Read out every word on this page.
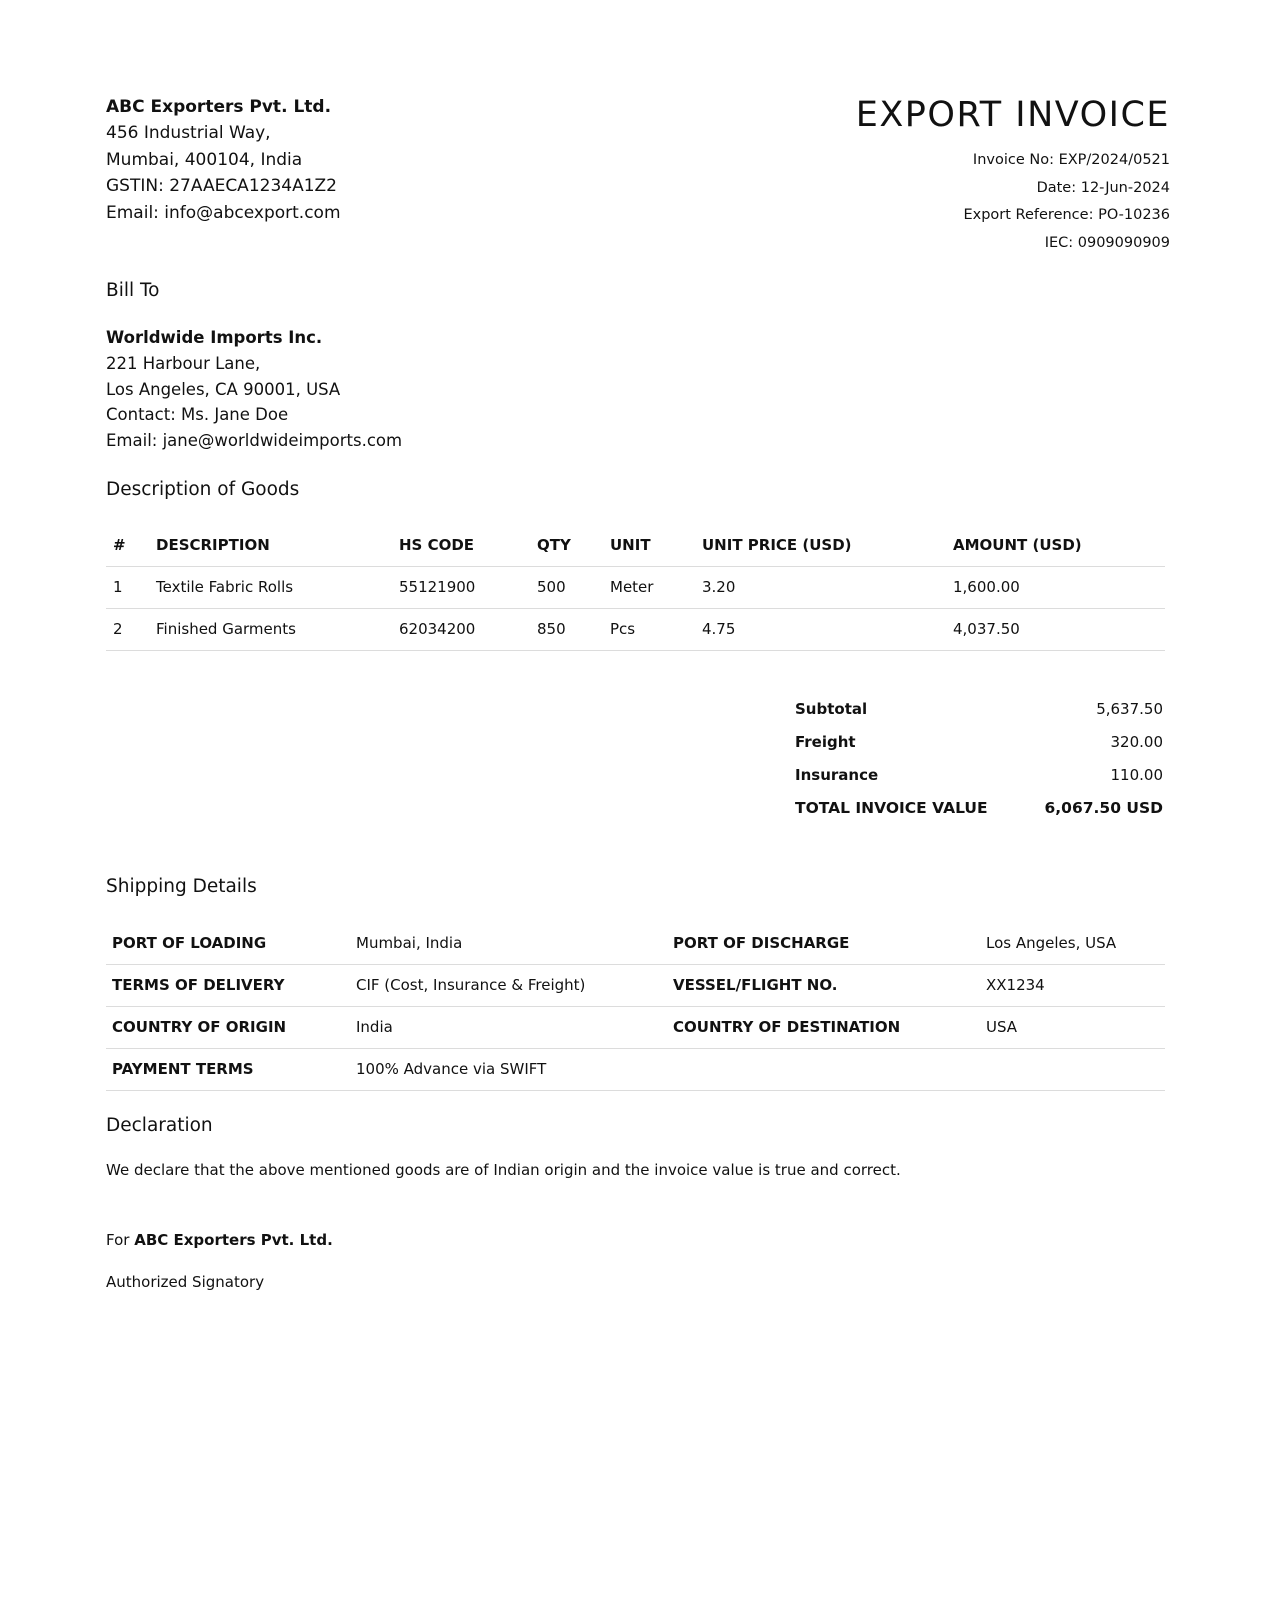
ABC Exporters Pvt. Ltd.
456 Industrial Way,
Mumbai, 400104, India
GSTIN: 27AAECA1234A1Z2
Email: info@abcexport.com
EXPORT INVOICE
Invoice No: EXP/2024/0521
Date: 12-Jun-2024
Export Reference: PO-10236
IEC: 0909090909
Bill To
Worldwide Imports Inc.
221 Harbour Lane,
Los Angeles, CA 90001, USA
Contact: Ms. Jane Doe
Email: jane@worldwideimports.com
Description of Goods
#	DESCRIPTION	HS CODE	QTY	UNIT	UNIT PRICE (USD)	AMOUNT (USD)
1	Textile Fabric Rolls	55121900	500	Meter	3.20	1,600.00
2	Finished Garments	62034200	850	Pcs	4.75	4,037.50
Subtotal	5,637.50
Freight	320.00
Insurance	110.00
TOTAL INVOICE VALUE	6,067.50 USD
Shipping Details
PORT OF LOADING	Mumbai, India	PORT OF DISCHARGE	Los Angeles, USA
TERMS OF DELIVERY	CIF (Cost, Insurance & Freight)	VESSEL/FLIGHT NO.	XX1234
COUNTRY OF ORIGIN	India	COUNTRY OF DESTINATION	USA
PAYMENT TERMS	100% Advance via SWIFT		
Declaration
We declare that the above mentioned goods are of Indian origin and the invoice value is true and correct.
For ABC Exporters Pvt. Ltd.
Authorized Signatory
